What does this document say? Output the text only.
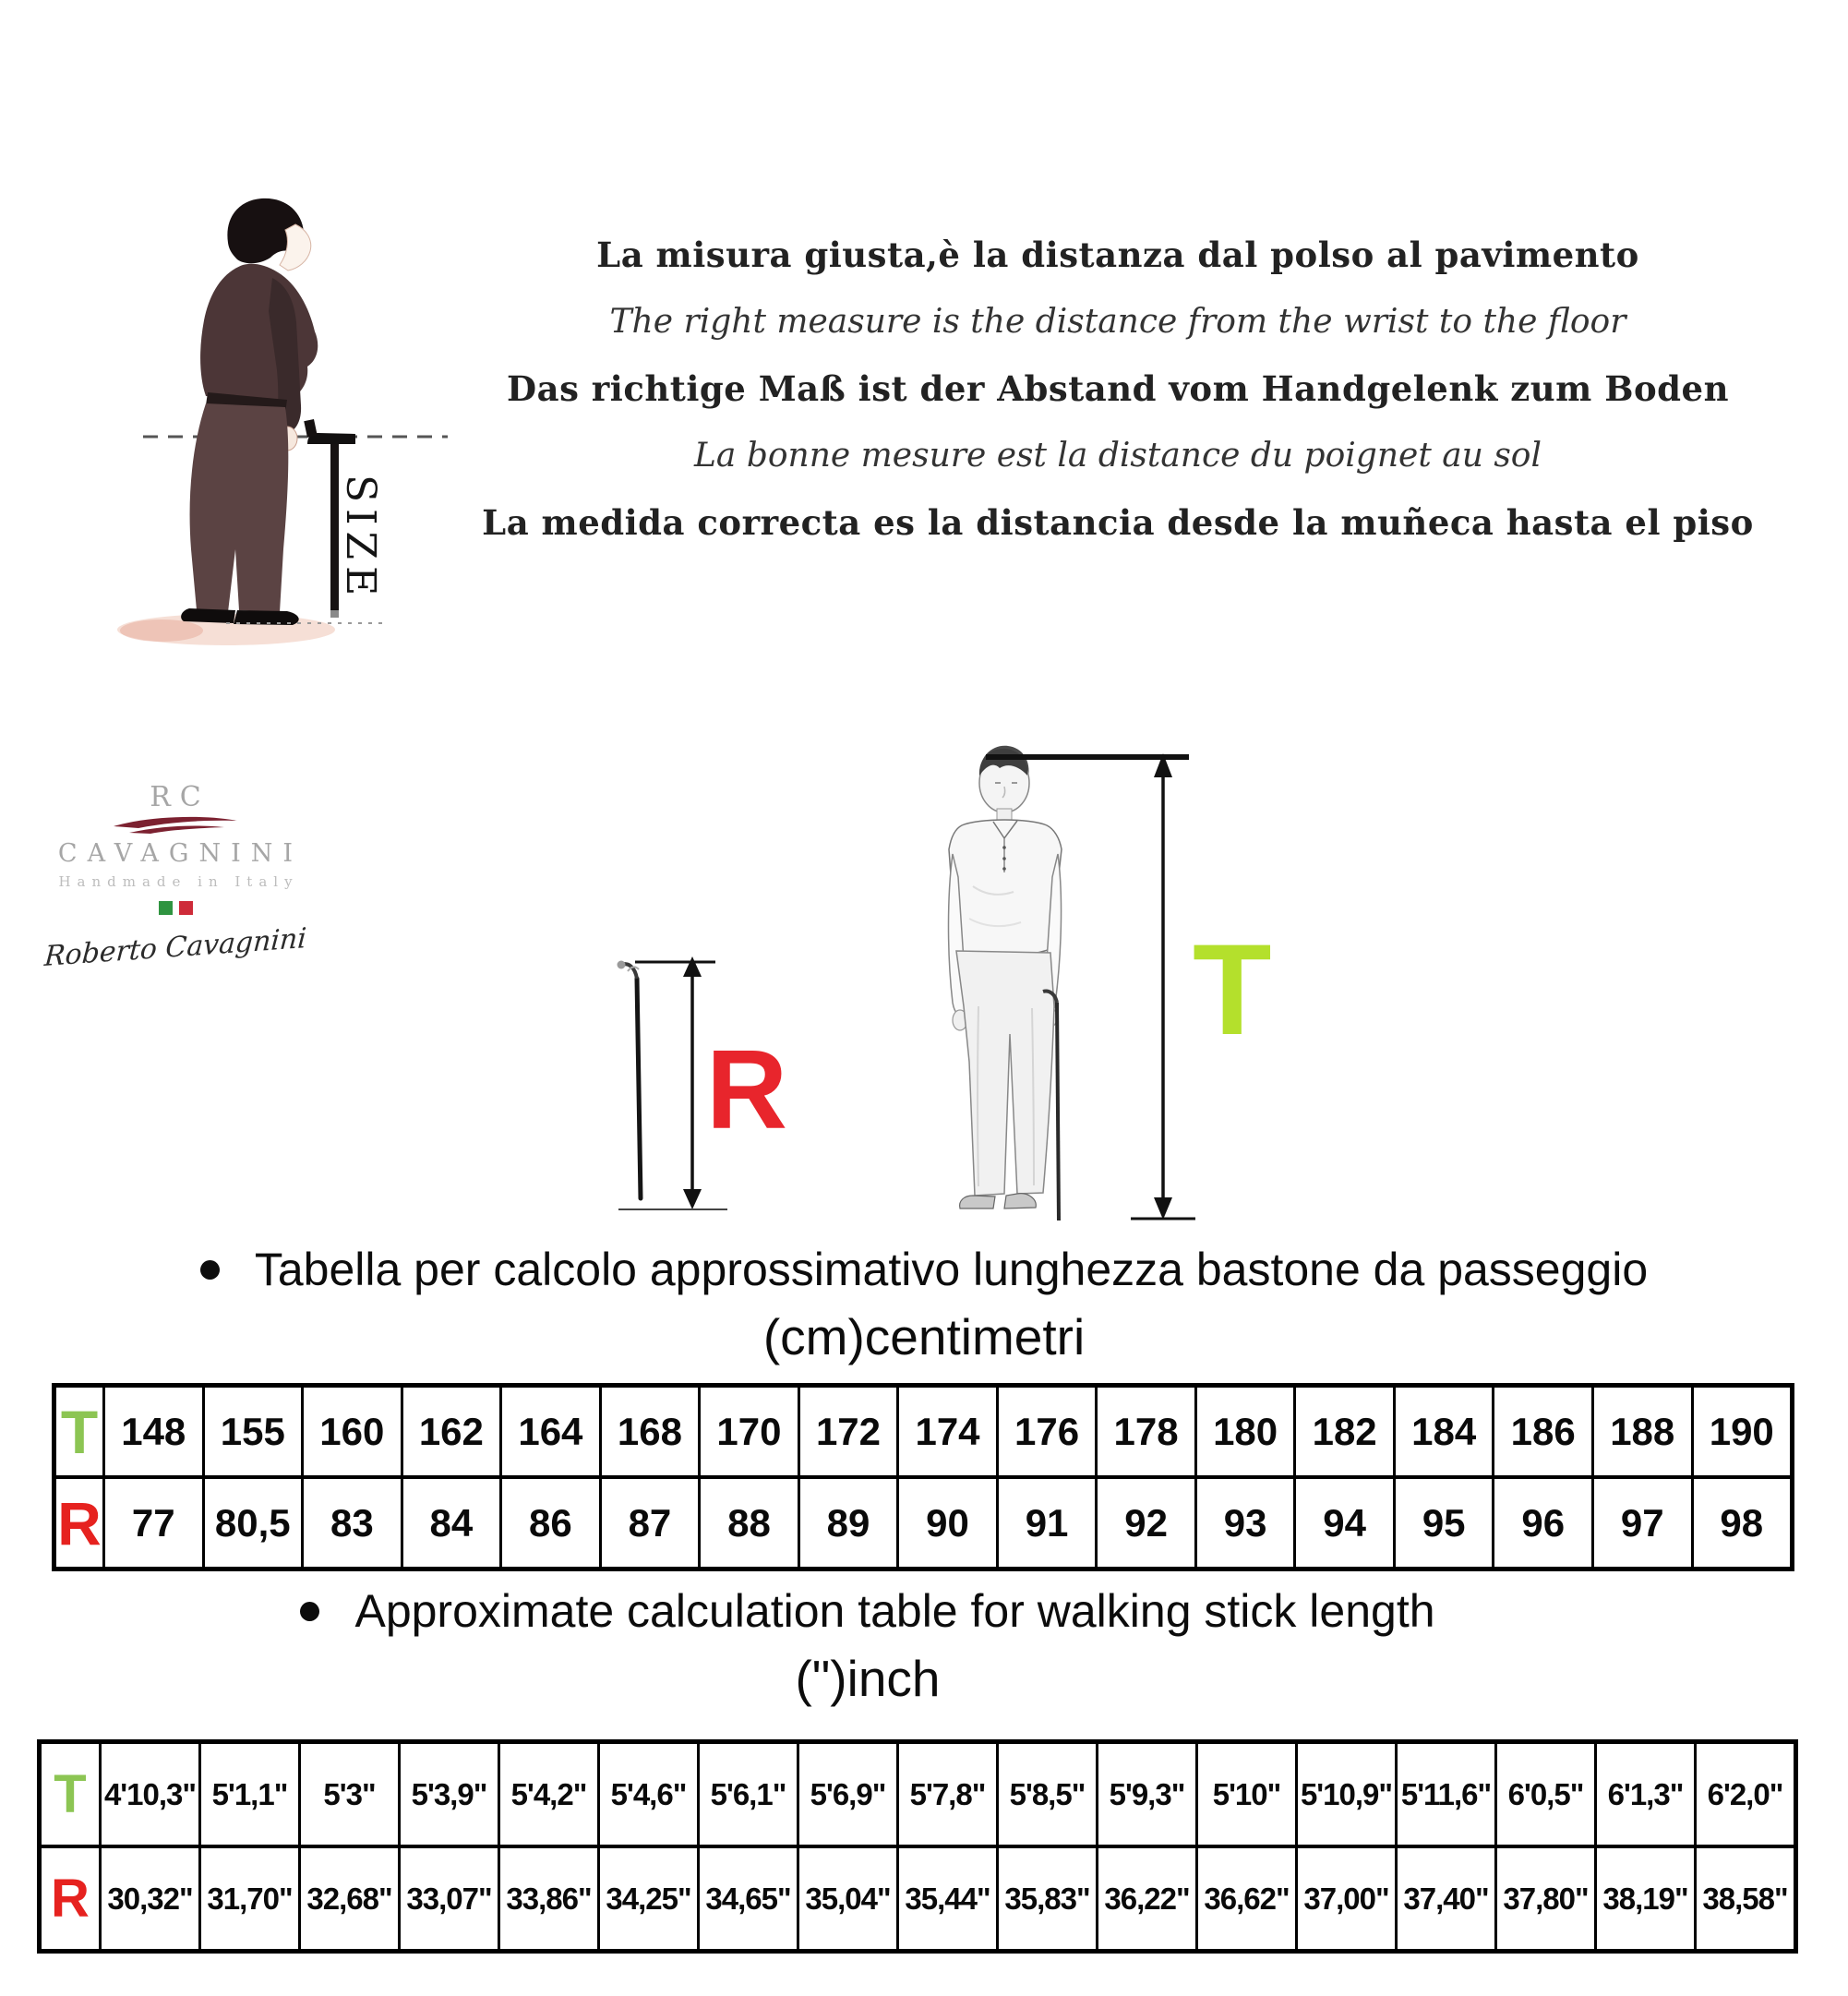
SIZE

La misura giusta,è la distanza dal polso al pavimento

The right measure is the distance from the wrist to the floor

Das richtige Maß ist der Abstand vom Handgelenk zum Boden

La bonne mesure est la distance du poignet au sol

La medida correcta es la distancia desde la muñeca hasta el piso

RC
CAVAGNINI
Handmade in Italy
Roberto Cavagnini
R
T
Tabella per calcolo approssimativo lunghezza bastone da passeggio
(cm)centimetri
T 148 155 160 162 164 168 170 172 174 176 178 180 182 184 186 188 190
R 77	80,5	83	84	86	87	88	89	90	91	92	93	94	95	96	97	98
Approximate calculation table for walking stick length
(")inch
T 4'10,3" 5'1,1"	5'3"	5'3,9" 5'4,2" 5'4,6" 5'6,1" 5'6,9" 5'7,8" 5'8,5" 5'9,3" 5'10" 5'10,9" 5'11,6" 6'0,5" 6'1,3" 6'2,0"
R 30,32" 31,70" 32,68" 33,07" 33,86" 34,25" 34,65" 35,04" 35,44" 35,83" 36,22" 36,62" 37,00" 37,40" 37,80" 38,19" 38,58"
